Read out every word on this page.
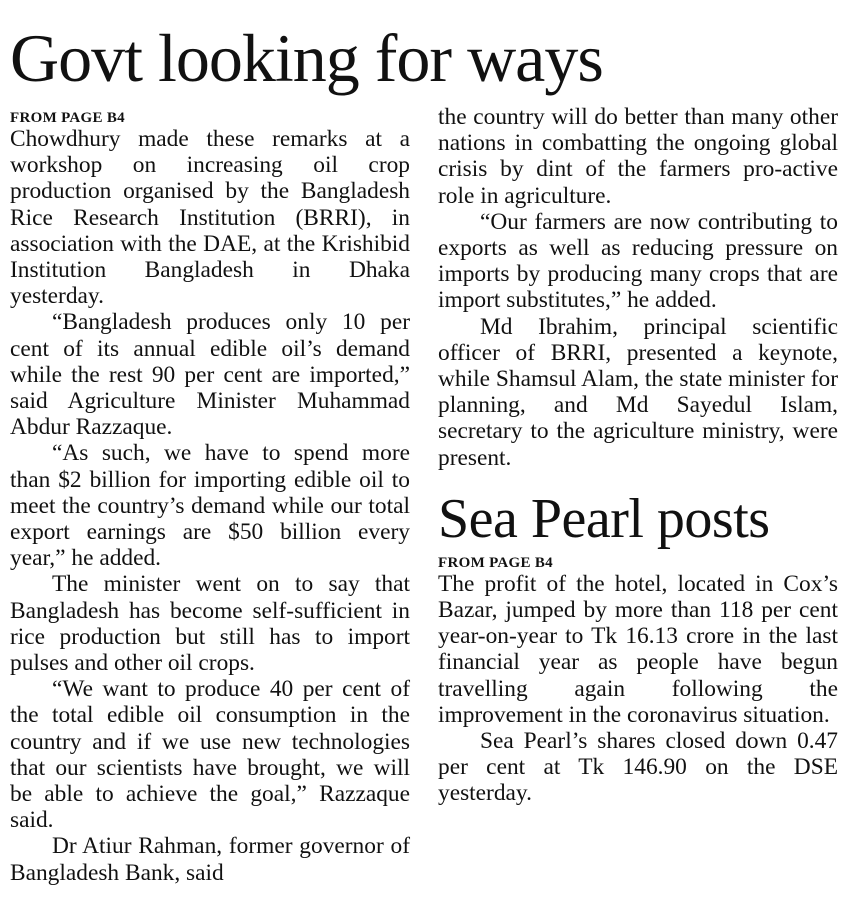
Govt looking for ways
FROM PAGE B4

Chowdhury made these remarks at a workshop on increasing oil crop production organised by the Bangladesh Rice Research Institution (BRRI), in association with the DAE, at the Krishibid Institution Bangladesh in Dhaka yesterday.

“Bangladesh produces only 10 per cent of its annual edible oil’s demand while the rest 90 per cent are imported,” said Agriculture Minister Muhammad Abdur Razzaque.

“As such, we have to spend more than $2 billion for importing edible oil to meet the country’s demand while our total export earnings are $50 billion every year,” he added.

The minister went on to say that Bangladesh has become self-sufficient in rice production but still has to import pulses and other oil crops.

“We want to produce 40 per cent of the total edible oil consumption in the country and if we use new technologies that our scientists have brought, we will be able to achieve the goal,” Razzaque said.

Dr Atiur Rahman, former governor of Bangladesh Bank, said

the country will do better than many other nations in combatting the ongoing global crisis by dint of the farmers pro-active role in agriculture.

“Our farmers are now contributing to exports as well as reducing pressure on imports by producing many crops that are import substitutes,” he added.

Md Ibrahim, principal scientific officer of BRRI, presented a keynote, while Shamsul Alam, the state minister for planning, and Md Sayedul Islam, secretary to the agriculture ministry, were present.

Sea Pearl posts
FROM PAGE B4

The profit of the hotel, located in Cox’s Bazar, jumped by more than 118 per cent year-on-year to Tk 16.13 crore in the last financial year as people have begun travelling again following the improvement in the coronavirus situation.

Sea Pearl’s shares closed down 0.47 per cent at Tk 146.90 on the DSE yesterday.
